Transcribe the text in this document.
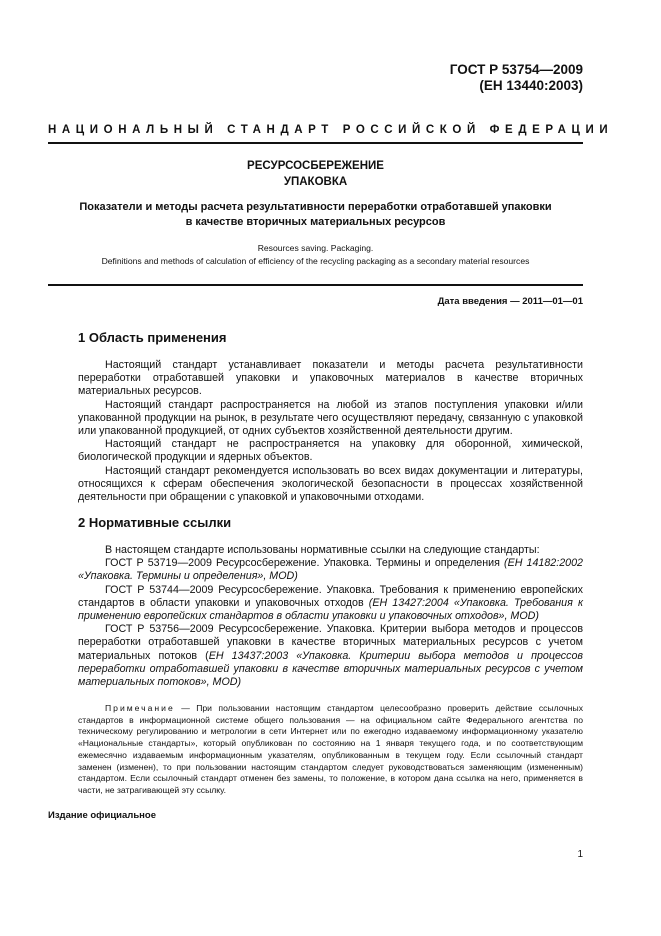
ГОСТ Р 53754—2009
(ЕН 13440:2003)
НАЦИОНАЛЬНЫЙ СТАНДАРТ РОССИЙСКОЙ ФЕДЕРАЦИИ
РЕСУРСОСБЕРЕЖЕНИЕ
УПАКОВКА
Показатели и методы расчета результативности переработки отработавшей упаковки
в качестве вторичных материальных ресурсов
Resources saving. Packaging.
Definitions and methods of calculation of efficiency of the recycling packaging as a secondary material resources
Дата введения — 2011—01—01
1 Область применения

Настоящий стандарт устанавливает показатели и методы расчета результативности переработки отработавшей упаковки и упаковочных материалов в качестве вторичных материальных ресурсов.

Настоящий стандарт распространяется на любой из этапов поступления упаковки и/или упакованной продукции на рынок, в результате чего осуществляют передачу, связанную с упаковкой или упакованной продукцией, от одних субъектов хозяйственной деятельности другим.

Настоящий стандарт не распространяется на упаковку для оборонной, химической, биологической продукции и ядерных объектов.

Настоящий стандарт рекомендуется использовать во всех видах документации и литературы, относящихся к сферам обеспечения экологической безопасности в процессах хозяйственной деятельности при обращении с упаковкой и упаковочными отходами.

2 Нормативные ссылки

В настоящем стандарте использованы нормативные ссылки на следующие стандарты:

ГОСТ Р 53719—2009 Ресурсосбережение. Упаковка. Термины и определения (ЕН 14182:2002 «Упаковка. Термины и определения», MOD)

ГОСТ Р 53744—2009 Ресурсосбережение. Упаковка. Требования к применению европейских стандартов в области упаковки и упаковочных отходов (ЕН 13427:2004 «Упаковка. Требования к применению европейских стандартов в области упаковки и упаковочных отходов», MOD)

ГОСТ Р 53756—2009 Ресурсосбережение. Упаковка. Критерии выбора методов и процессов переработки отработавшей упаковки в качестве вторичных материальных ресурсов с учетом материальных потоков (ЕН 13437:2003 «Упаковка. Критерии выбора методов и процессов переработки отработавшей упаковки в качестве вторичных материальных ресурсов с учетом материальных потоков», MOD)

Примечание — При пользовании настоящим стандартом целесообразно проверить действие ссылочных стандартов в информационной системе общего пользования — на официальном сайте Федерального агентства по техническому регулированию и метрологии в сети Интернет или по ежегодно издаваемому информационному указателю «Национальные стандарты», который опубликован по состоянию на 1 января текущего года, и по соответствующим ежемесячно издаваемым информационным указателям, опубликованным в текущем году. Если ссылочный стандарт заменен (изменен), то при пользовании настоящим стандартом следует руководствоваться заменяющим (измененным) стандартом. Если ссылочный стандарт отменен без замены, то положение, в котором дана ссылка на него, применяется в части, не затрагивающей эту ссылку.
Издание официальное
1
